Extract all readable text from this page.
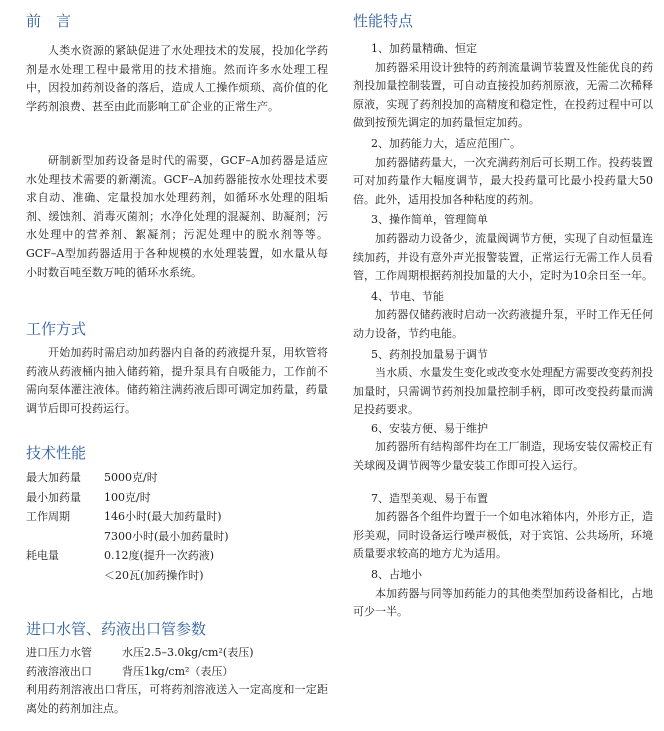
前　言

人类水资源的紧缺促进了水处理技术的发展，投加化学药剂是水处理工程中最常用的技术措施。然而许多水处理工程中，因投加药剂设备的落后，造成人工操作烦琐、高价值的化学药剂浪费、甚至由此而影响工矿企业的正常生产。

研制新型加药设备是时代的需要，GCF–A加药器是适应水处理技术需要的新潮流。GCF–A加药器能按水处理技术要求自动、准确、定量投加水处理药剂，如循环水处理的阻垢剂、缓蚀剂、消毒灭菌剂；水净化处理的混凝剂、助凝剂；污水处理中的营养剂、絮凝剂；污泥处理中的脱水剂等等。GCF–A型加药器适用于各种规模的水处理装置，如水量从每小时数百吨至数万吨的循环水系统。

工作方式

开始加药时需启动加药器内自备的药液提升泵，用软管将药液从药液桶内抽入储药箱，提升泵具有自吸能力，工作前不需向泵体灌注液体。储药箱注满药液后即可调定加药量，药量调节后即可投药运行。

技术性能
最大加药量	5000克/时
最小加药量	100克/时
工作周期	146小时(最大加药量时)
7300小时(最小加药量时)
耗电量	0.12度(提升一次药液)
＜20瓦(加药操作时)
进口水管、药液出口管参数
进口压力水管	水压2.5–3.0kg/cm²(表压)
药液溶液出口	背压1kg/cm²（表压）

利用药剂溶液出口背压，可将药剂溶液送入一定高度和一定距离处的药剂加注点。

性能特点
1、加药量精确、恒定
加药器采用设计独特的药剂流量调节装置及性能优良的药剂投加量控制装置，可自动直接投加药剂原液，无需二次稀释原液，实现了药剂投加的高精度和稳定性，在投药过程中可以做到按预先调定的加药量恒定加药。
2、加药能力大，适应范围广。
加药器储药量大，一次充满药剂后可长期工作。投药装置可对加药量作大幅度调节，最大投药量可比最小投药量大50倍。此外，适用投加各种粘度的药剂。
3、操作简单，管理简单
加药器动力设备少，流量阀调节方便，实现了自动恒量连续加药，并设有意外声光报警装置，正常运行无需工作人员看管，工作周期根据药剂投加量的大小，定时为10余日至一年。
4、节电、节能
加药器仅储药液时启动一次药液提升泵，平时工作无任何动力设备，节约电能。
5、药剂投加量易于调节
当水质、水量发生变化或改变水处理配方需要改变药剂投加量时，只需调节药剂投加量控制手柄，即可改变投药量而满足投药要求。
6、安装方便、易于维护
加药器所有结构部件均在工厂制造，现场安装仅需校正有关球阀及调节阀等少量安装工作即可投入运行。
7、造型美观、易于布置
加药器各个组件均置于一个如电冰箱体内，外形方正，造形美观，同时设备运行噪声极低，对于宾馆、公共场所，环境质量要求较高的地方尤为适用。
8、占地小
本加药器与同等加药能力的其他类型加药设备相比，占地可少一半。
